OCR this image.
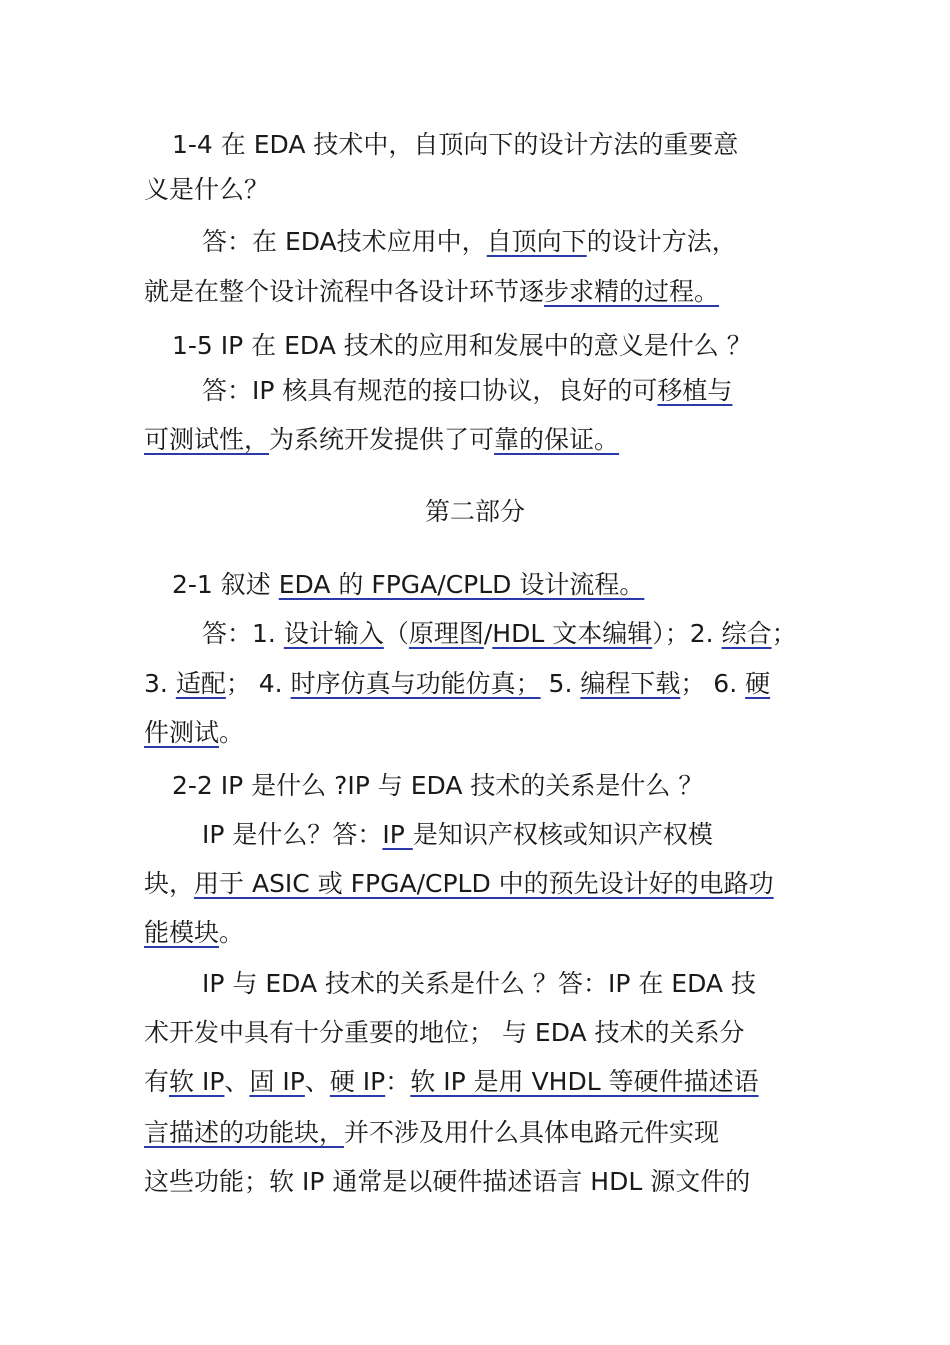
1-4 在 EDA 技术中，自顶向下的设计方法的重要意
义是什么？
答：在 EDA技术应用中，自顶向下的设计方法，
就是在整个设计流程中各设计环节逐步求精的过程。
1-5 IP 在 EDA 技术的应用和发展中的意义是什么 ？
答：IP 核具有规范的接口协议，良好的可移植与
可测试性，为系统开发提供了可靠的保证。
第二部分
2-1 叙述 EDA 的 FPGA/CPLD 设计流程。
答：1. 设计输入（原理图/HDL 文本编辑）；2. 综合；
3. 适配； 4. 时序仿真与功能仿真； 5. 编程下载； 6. 硬
件测试。
2-2 IP 是什么 ?IP 与 EDA 技术的关系是什么 ？
IP 是什么？答：IP 是知识产权核或知识产权模
块，用于 ASIC 或 FPGA/CPLD 中的预先设计好的电路功
能模块。
IP 与 EDA 技术的关系是什么 ？答：IP 在 EDA 技
术开发中具有十分重要的地位； 与 EDA 技术的关系分
有软 IP、固 IP、硬 IP：软 IP 是用 VHDL 等硬件描述语
言描述的功能块，并不涉及用什么具体电路元件实现
这些功能；软 IP 通常是以硬件描述语言 HDL 源文件的
